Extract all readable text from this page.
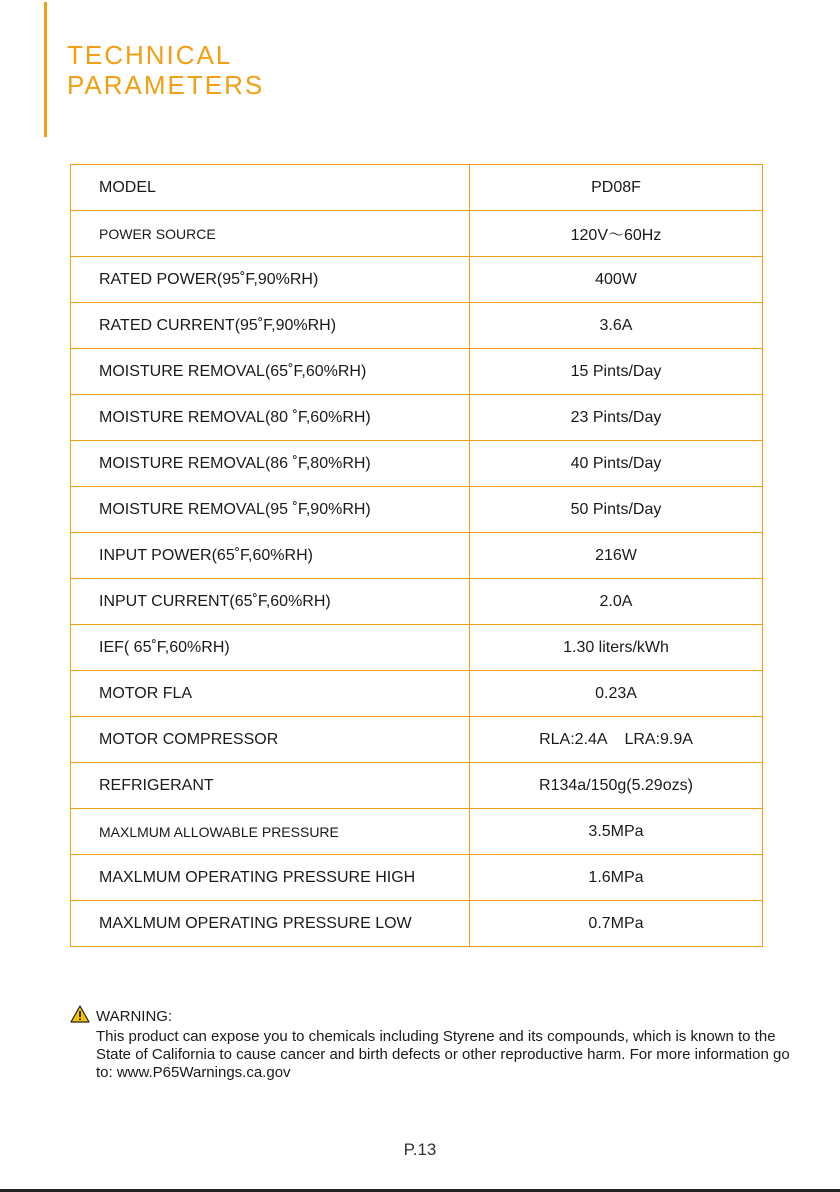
TECHNICAL
PARAMETERS
MODEL	PD08F
POWER SOURCE	120V～60Hz
RATED POWER(95˚F,90%RH)	400W
RATED CURRENT(95˚F,90%RH)	3.6A
MOISTURE REMOVAL(65˚F,60%RH)	15 Pints/Day
MOISTURE REMOVAL(80 ˚F,60%RH)	23 Pints/Day
MOISTURE REMOVAL(86 ˚F,80%RH)	40 Pints/Day
MOISTURE REMOVAL(95 ˚F,90%RH)	50 Pints/Day
INPUT POWER(65˚F,60%RH)	216W
INPUT CURRENT(65˚F,60%RH)	2.0A
IEF( 65˚F,60%RH)	1.30 liters/kWh
MOTOR FLA	0.23A
MOTOR COMPRESSOR	RLA:2.4A    LRA:9.9A
REFRIGERANT	R134a/150g(5.29ozs)
MAXLMUM ALLOWABLE PRESSURE	3.5MPa
MAXLMUM OPERATING PRESSURE HIGH	1.6MPa
MAXLMUM OPERATING PRESSURE LOW	0.7MPa
WARNING:

This product can expose you to chemicals including Styrene and its compounds, which is known to the State of California to cause cancer and birth defects or other reproductive harm. For more information go to: www.P65Warnings.ca.gov

P.13
